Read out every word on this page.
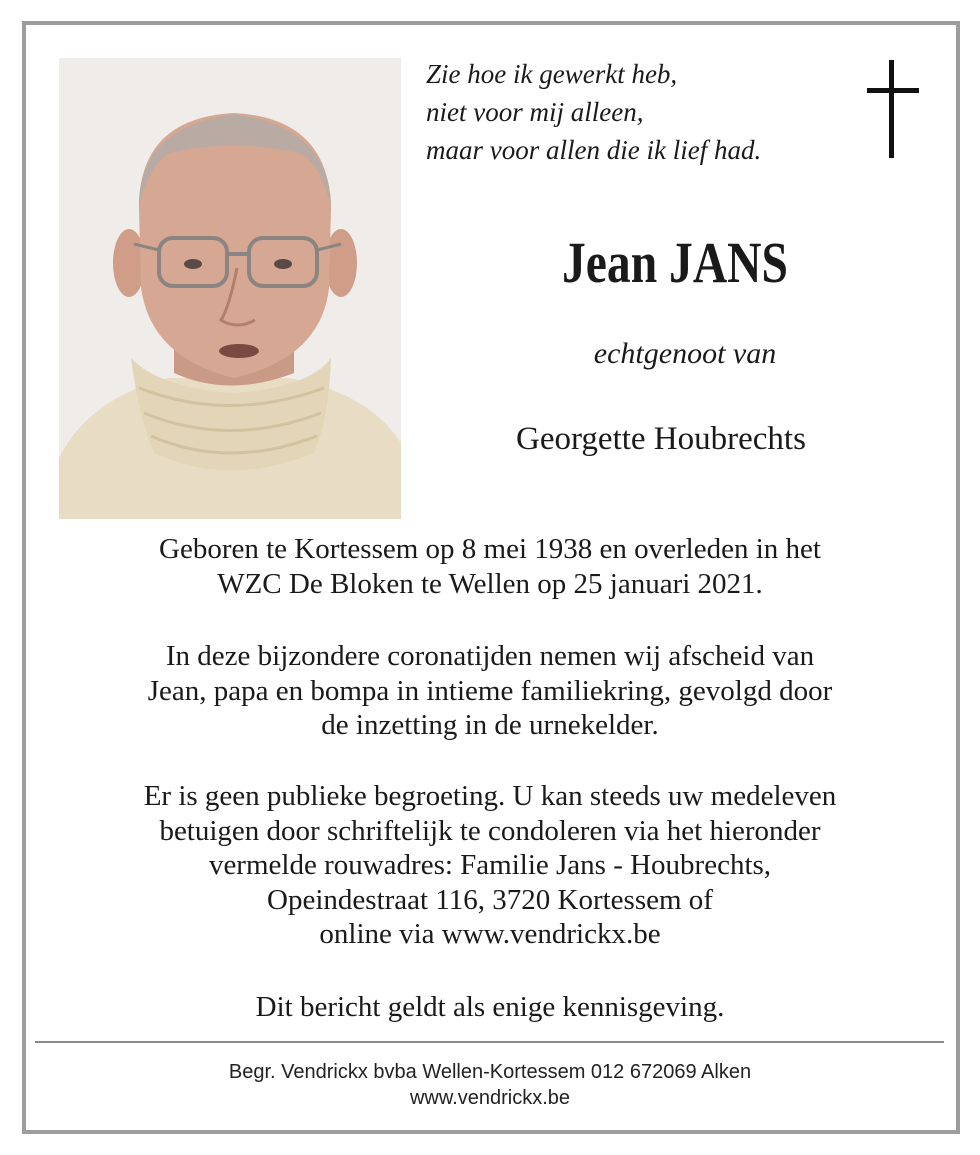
Zie hoe ik gewerkt heb,
niet voor mij alleen,
maar voor allen die ik lief had.
Jean JANS
echtgenoot van
Georgette Houbrechts
Geboren te Kortessem op 8 mei 1938 en overleden in het
WZC De Bloken te Wellen op 25 januari 2021.
In deze bijzondere coronatijden nemen wij afscheid van
Jean, papa en bompa in intieme familiekring, gevolgd door
de inzetting in de urnekelder.
Er is geen publieke begroeting. U kan steeds uw medeleven
betuigen door schriftelijk te condoleren via het hieronder
vermelde rouwadres: Familie Jans - Houbrechts,
Opeindestraat 116, 3720 Kortessem of
online via www.vendrickx.be
Dit bericht geldt als enige kennisgeving.
Begr. Vendrickx bvba Wellen-Kortessem 012 672069 Alken
www.vendrickx.be
